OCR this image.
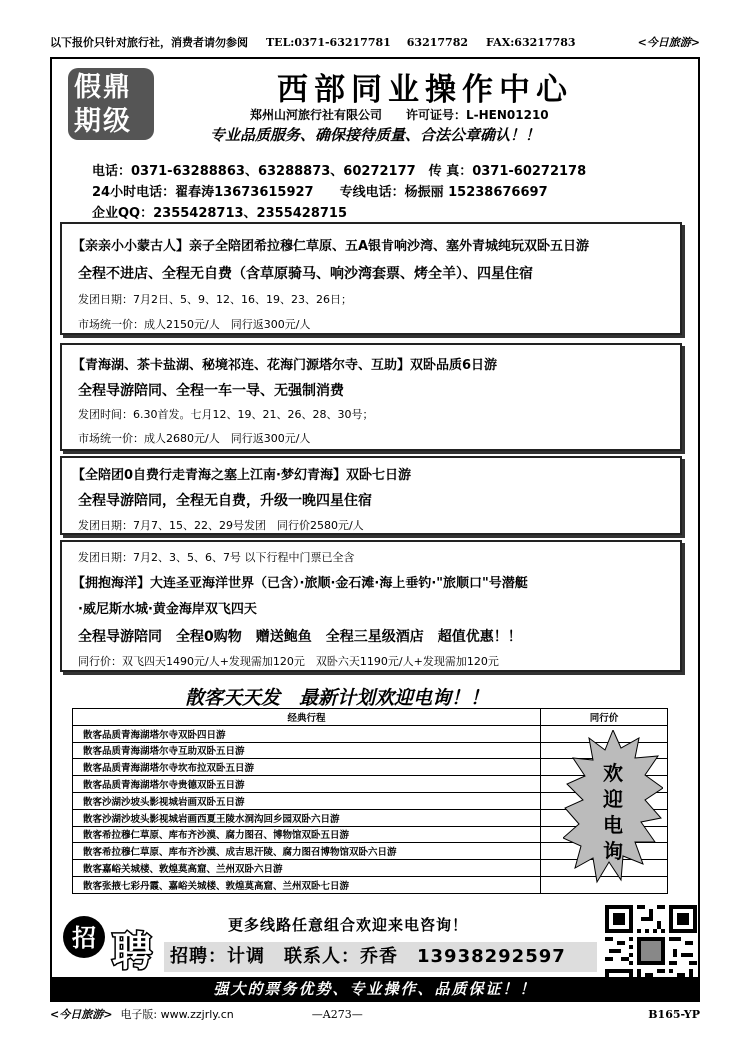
以下报价只针对旅行社，消费者请勿参阅 TEL:0371-63217781 63217782 FAX:63217783	<今日旅游>
假鼎
期级
西部同业操作中心
郑州山河旅行社有限公司　　许可证号：L-HEN01210
专业品质服务、确保接待质量、合法公章确认！！
电话：0371-63288863、63288873、60272177　传 真：0371-60272178
24小时电话：翟春涛13673615927　　专线电话：杨振丽 15238676697
企业QQ：2355428713、2355428715
【亲亲小小蒙古人】亲子全陪团希拉穆仁草原、五A银肯响沙湾、塞外青城纯玩双卧五日游
全程不进店、全程无自费（含草原骑马、响沙湾套票、烤全羊）、四星住宿
发团日期：7月2日、5、9、12、16、19、23、26日；
市场统一价：成人2150元/人　同行返300元/人
【青海湖、茶卡盐湖、秘境祁连、花海门源塔尔寺、互助】双卧品质6日游
全程导游陪同、全程一车一导、无强制消费
发团时间：6.30首发。七月12、19、21、26、28、30号；
市场统一价：成人2680元/人　同行返300元/人
【全陪团0自费行走青海之塞上江南·梦幻青海】双卧七日游
全程导游陪同，全程无自费，升级一晚四星住宿
发团日期：7月7、15、22、29号发团　同行价2580元/人
发团日期：7月2、3、5、6、7号 以下行程中门票已全含
【拥抱海洋】大连圣亚海洋世界（已含）·旅顺·金石滩·海上垂钓·"旅顺口"号潜艇
·威尼斯水城·黄金海岸双飞四天
全程导游陪同　全程0购物　赠送鲍鱼　全程三星级酒店　超值优惠！！
同行价：双飞四天1490元/人+发现需加120元　双卧六天1190元/人+发现需加120元
散客天天发　最新计划欢迎电询！！
经典行程	同行价
散客品质青海湖塔尔寺双卧四日游	
散客品质青海湖塔尔寺互助双卧五日游	
散客品质青海湖塔尔寺坎布拉双卧五日游	
散客品质青海湖塔尔寺贵德双卧五日游	
散客沙湖沙坡头影视城岩画双卧五日游	
散客沙湖沙坡头影视城岩画西夏王陵水洞沟回乡园双卧六日游	
散客希拉穆仁草原、库布齐沙漠、腐力图召、博物馆双卧五日游	
散客希拉穆仁草原、库布齐沙漠、成吉思汗陵、腐力图召博物馆双卧六日游	
散客嘉峪关城楼、敦煌莫高窟、兰州双卧六日游	
散客张掖七彩丹霞、嘉峪关城楼、敦煌莫高窟、兰州双卧七日游	
欢
迎
电
询
招 聘
更多线路任意组合欢迎来电咨询！
招聘：计调　联系人：乔香　13938292597
强大的票务优势、专业操作、品质保证！！
<今日旅游> 电子版: www.zzjrly.cn	—A273—	B165-YP
